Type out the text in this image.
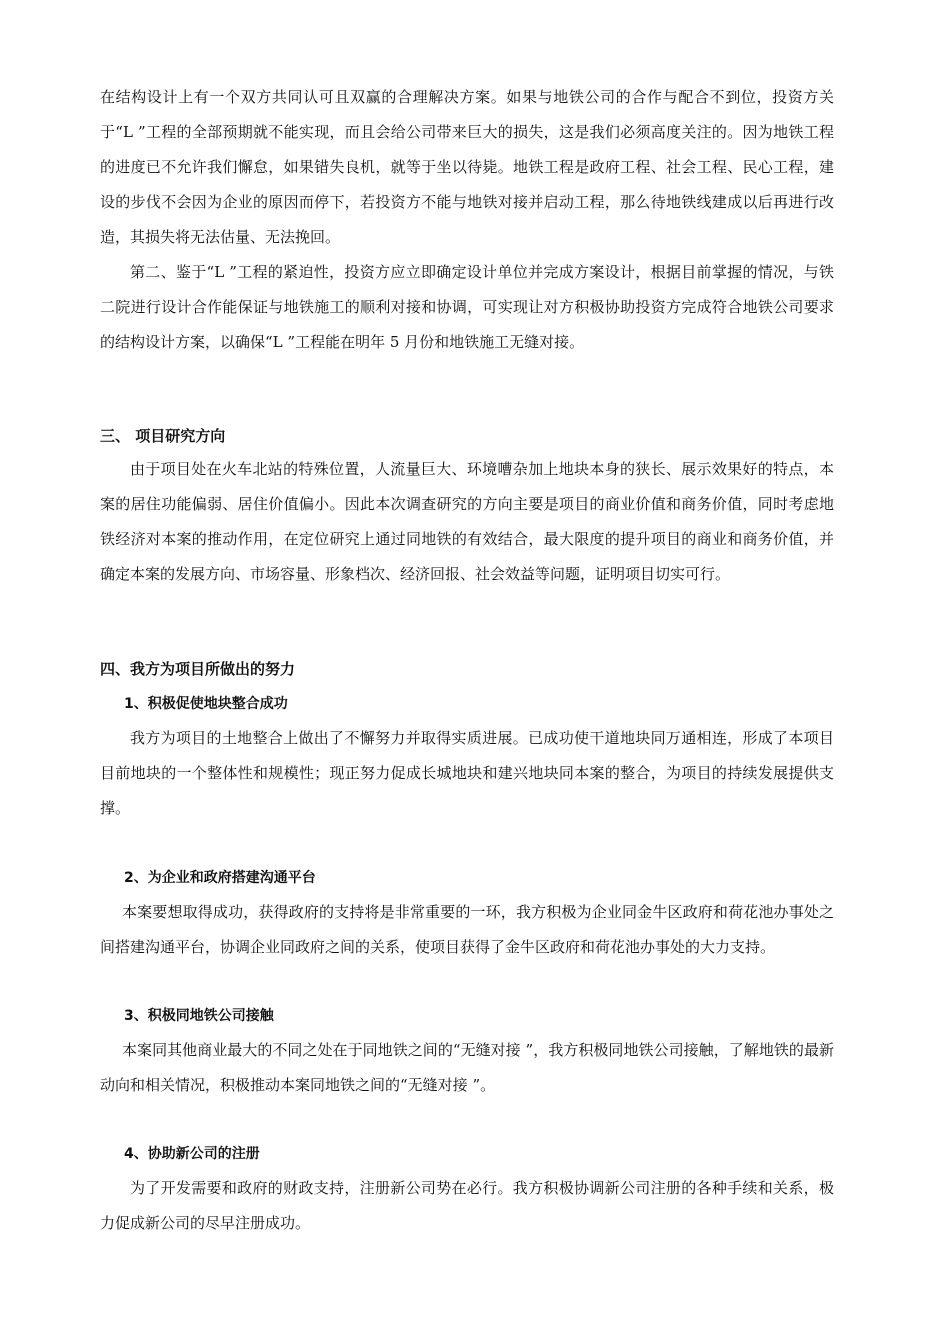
在结构设计上有一个双方共同认可且双赢的合理解决方案。如果与地铁公司的合作与配合不到位，投资方关于“L ”工程的全部预期就不能实现，而且会给公司带来巨大的损失，这是我们必须高度关注的。因为地铁工程的进度已不允许我们懈怠，如果错失良机，就等于坐以待毙。地铁工程是政府工程、社会工程、民心工程，建设的步伐不会因为企业的原因而停下，若投资方不能与地铁对接并启动工程，那么待地铁线建成以后再进行改造，其损失将无法估量、无法挽回。

第二、鉴于“L ”工程的紧迫性，投资方应立即确定设计单位并完成方案设计，根据目前掌握的情况，与铁二院进行设计合作能保证与地铁施工的顺利对接和协调，可实现让对方积极协助投资方完成符合地铁公司要求的结构设计方案，以确保“L ”工程能在明年 5 月份和地铁施工无缝对接。

三、 项目研究方向

由于项目处在火车北站的特殊位置，人流量巨大、环境嘈杂加上地块本身的狭长、展示效果好的特点，本案的居住功能偏弱、居住价值偏小。因此本次调查研究的方向主要是项目的商业价值和商务价值，同时考虑地铁经济对本案的推动作用，在定位研究上通过同地铁的有效结合，最大限度的提升项目的商业和商务价值，并确定本案的发展方向、市场容量、形象档次、经济回报、社会效益等问题，证明项目切实可行。

四、我方为项目所做出的努力
1、积极促使地块整合成功

我方为项目的土地整合上做出了不懈努力并取得实质进展。已成功使干道地块同万通相连，形成了本项目目前地块的一个整体性和规模性；现正努力促成长城地块和建兴地块同本案的整合，为项目的持续发展提供支撑。

2、为企业和政府搭建沟通平台

本案要想取得成功，获得政府的支持将是非常重要的一环，我方积极为企业同金牛区政府和荷花池办事处之间搭建沟通平台，协调企业同政府之间的关系，使项目获得了金牛区政府和荷花池办事处的大力支持。

3、积极同地铁公司接触

本案同其他商业最大的不同之处在于同地铁之间的“无缝对接 ”，我方积极同地铁公司接触，了解地铁的最新动向和相关情况，积极推动本案同地铁之间的“无缝对接 ”。

4、协助新公司的注册

为了开发需要和政府的财政支持，注册新公司势在必行。我方积极协调新公司注册的各种手续和关系，极力促成新公司的尽早注册成功。
